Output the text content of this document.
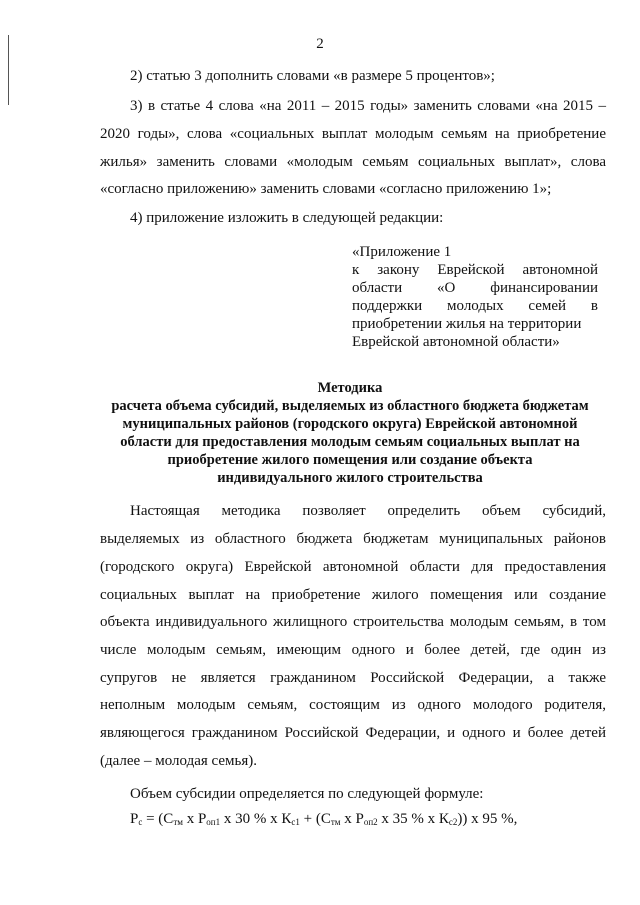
2
2) статью 3 дополнить словами «в размере 5 процентов»;
3) в статье 4 слова «на 2011 – 2015 годы» заменить словами «на 2015 –
2020 годы», слова «социальных выплат молодым семьям на приобретение
жилья» заменить словами «молодым семьям социальных выплат», слова
«согласно приложению» заменить словами «согласно приложению 1»;
4) приложение изложить в следующей редакции:
«Приложение 1
к закону Еврейской автономной
области «О финансировании
поддержки молодых семей в
приобретении жилья на территории
Еврейской автономной области»
Методика
расчета объема субсидий, выделяемых из областного бюджета бюджетам
муниципальных районов (городского округа) Еврейской автономной
области для предоставления молодым семьям социальных выплат на
приобретение жилого помещения или создание объекта
индивидуального жилого строительства
Настоящая методика позволяет определить объем субсидий,
выделяемых из областного бюджета бюджетам муниципальных районов
(городского округа) Еврейской автономной области для предоставления
социальных выплат на приобретение жилого помещения или создание
объекта индивидуального жилищного строительства молодым семьям, в том
числе молодым семьям, имеющим одного и более детей, где один из
супругов не является гражданином Российской Федерации, а также
неполным молодым семьям, состоящим из одного молодого родителя,
являющегося гражданином Российской Федерации, и одного и более детей
(далее – молодая семья).
Объем субсидии определяется по следующей формуле:
$Р_с = (С_{тм}$ х $Р_{оп1}$ х 30 % х $К_{с1} + (С_{тм}$ х $Р_{оп2}$ х 35 % х $К_{с2}$)) х 95 %,
